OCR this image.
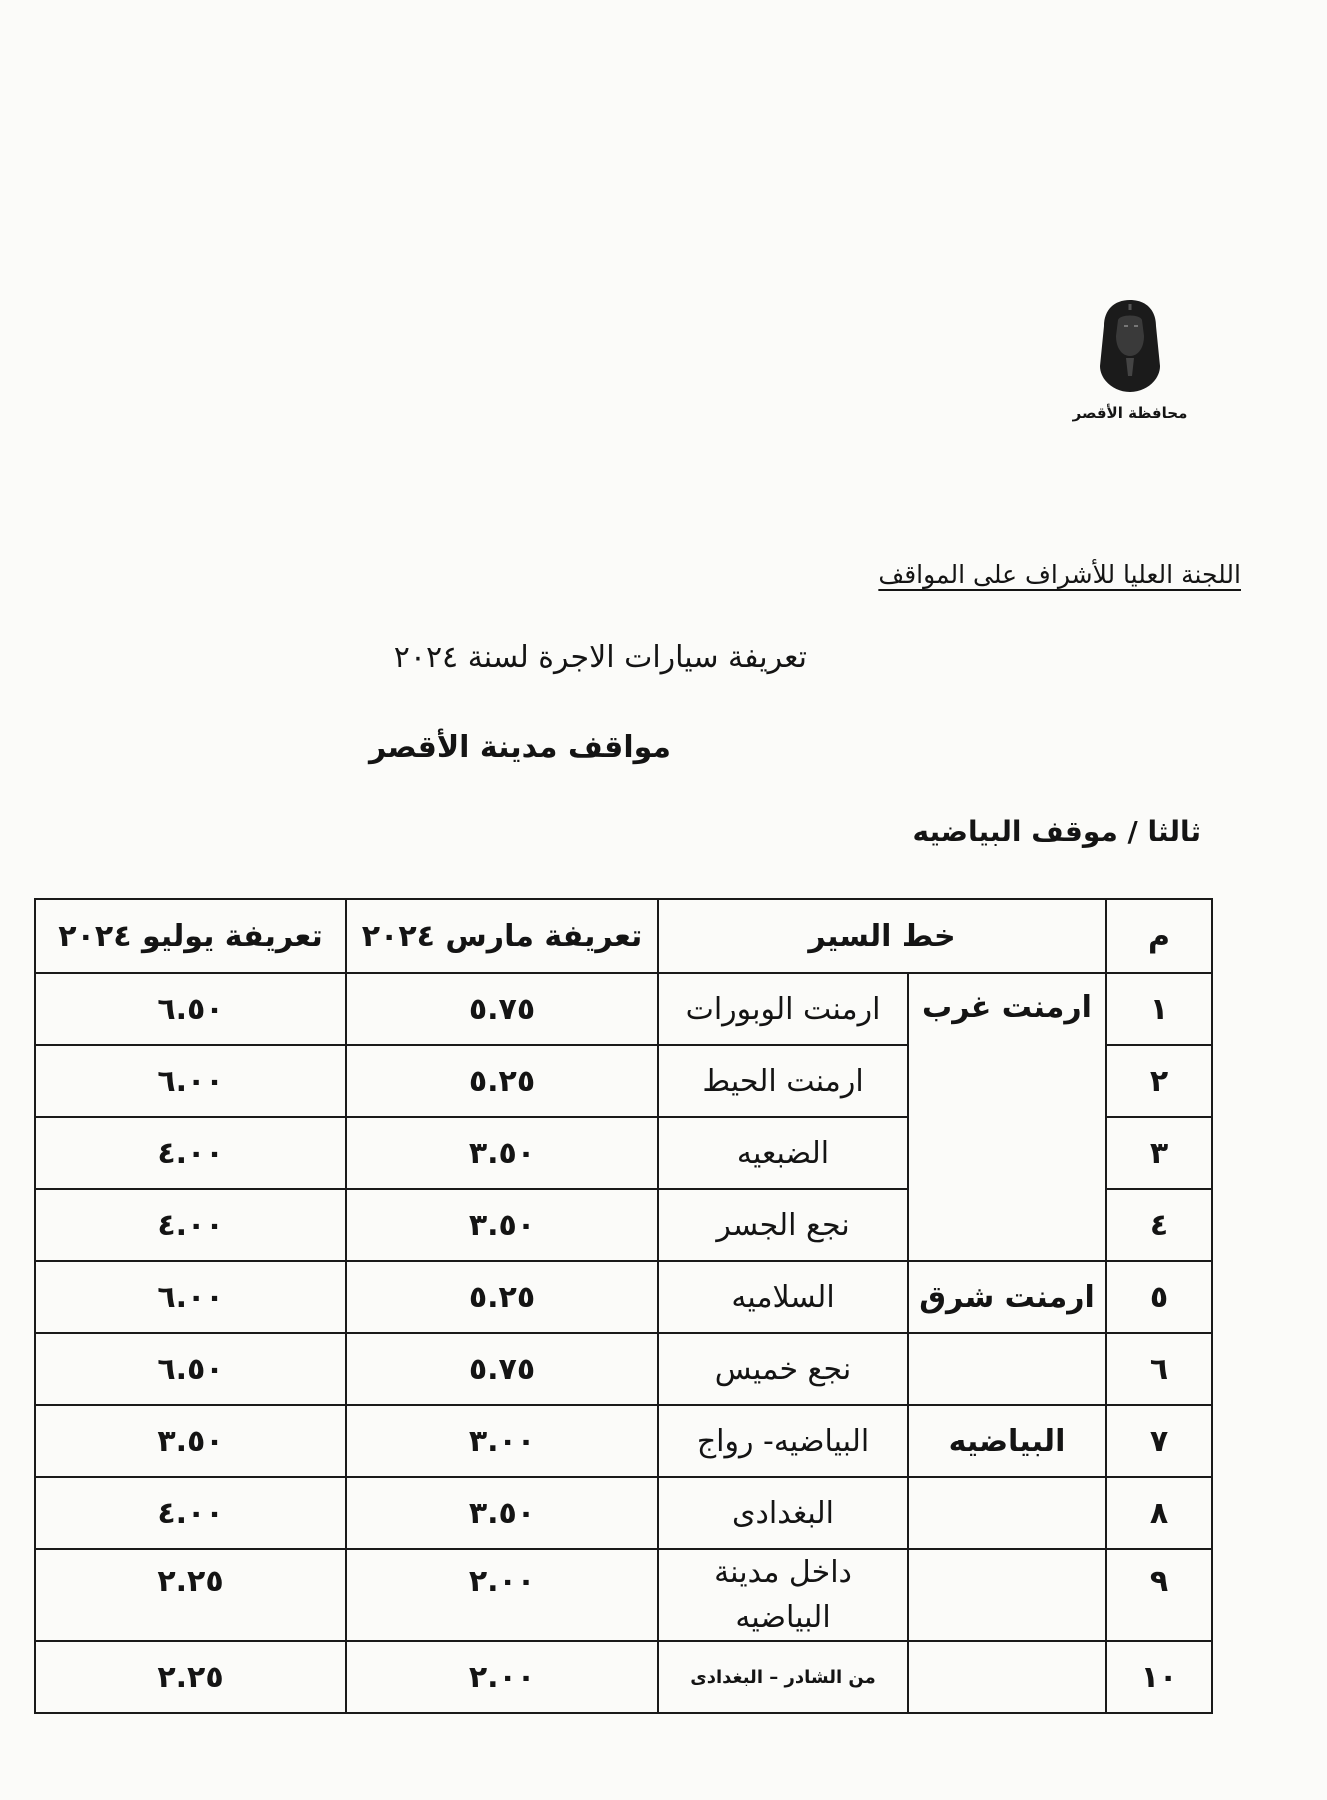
محافظة الأقصر
اللجنة العليا للأشراف على المواقف
تعريفة سيارات الاجرة لسنة ٢٠٢٤
مواقف مدينة الأقصر
ثالثا / موقف البياضيه
م	خط السير		تعريفة مارس ٢٠٢٤	تعريفة يوليو ٢٠٢٤
١	ارمنت غرب	ارمنت الوبورات	٥.٧٥	٦.٥٠
٢		ارمنت الحيط	٥.٢٥	٦.٠٠
٣		الضبعيه	٣.٥٠	٤.٠٠
٤		نجع الجسر	٣.٥٠	٤.٠٠
٥	ارمنت شرق	السلاميه	٥.٢٥	٦.٠٠
٦		نجع خميس	٥.٧٥	٦.٥٠
٧	البياضيه	البياضيه- رواج	٣.٠٠	٣.٥٠
٨		البغدادى	٣.٥٠	٤.٠٠
٩		داخل مدينة البياضيه	٢.٠٠	٢.٢٥
١٠		من الشادر – البغدادى	٢.٠٠	٢.٢٥
